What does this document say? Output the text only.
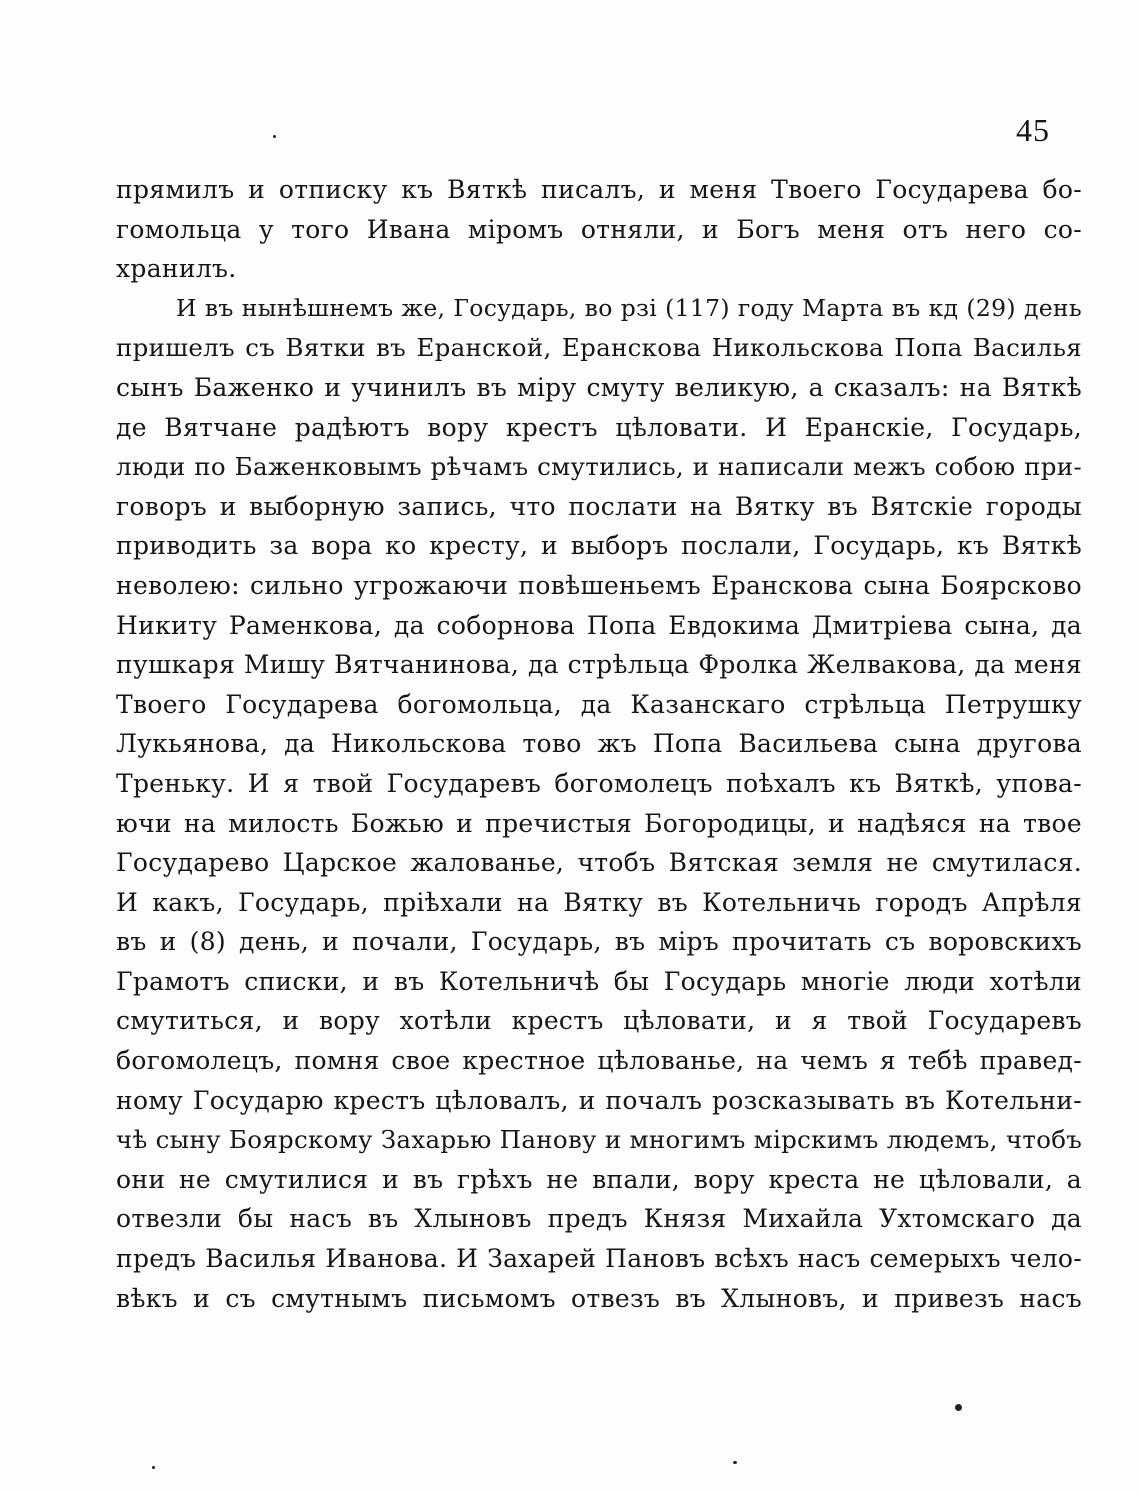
45
прямилъ и отписку къ Вяткѣ писалъ, и меня Твоего Государева бо-
гомольца у того Ивана міромъ отняли, и Богъ меня отъ него со-
хранилъ.
И въ нынѣшнемъ же, Государь, во рзі (117) году Марта въ кд (29) день
пришелъ съ Вятки въ Еранской, Еранскова Никольскова Попа Василья
сынъ Баженко и учинилъ въ міру смуту великую, а сказалъ: на Вяткѣ
де Вятчане радѣютъ вору крестъ цѣловати. И Еранскіе, Государь,
люди по Баженковымъ рѣчамъ смутились, и написали межъ собою при-
говоръ и выборную запись, что послати на Вятку въ Вятскіе городы
приводить за вора ко кресту, и выборъ послали, Государь, къ Вяткѣ
неволею: сильно угрожаючи повѣшеньемъ Еранскова сына Боярсково
Никиту Раменкова, да соборнова Попа Евдокима Дмитріева сына, да
пушкаря Мишу Вятчанинова, да стрѣльца Фролка Желвакова, да меня
Твоего Государева богомольца, да Казанскаго стрѣльца Петрушку
Лукьянова, да Никольскова тово жъ Попа Васильева сына другова
Треньку. И я твой Государевъ богомолецъ поѣхалъ къ Вяткѣ, упова-
ючи на милость Божью и пречистыя Богородицы, и надѣяся на твое
Государево Царское жалованье, чтобъ Вятская земля не смутилася.
И какъ, Государь, пріѣхали на Вятку въ Котельничь городъ Апрѣля
въ и (8) день, и почали, Государь, въ міръ прочитать съ воровскихъ
Грамотъ списки, и въ Котельничѣ бы Государь многіе люди хотѣли
смутиться, и вору хотѣли крестъ цѣловати, и я твой Государевъ
богомолецъ, помня свое крестное цѣлованье, на чемъ я тебѣ правед-
ному Государю крестъ цѣловалъ, и почалъ розсказывать въ Котельни-
чѣ сыну Боярскому Захарью Панову и многимъ мірскимъ людемъ, чтобъ
они не смутилися и въ грѣхъ не впали, вору креста не цѣловали, а
отвезли бы насъ въ Хлыновъ предъ Князя Михайла Ухтомскаго да
предъ Василья Иванова. И Захарей Пановъ всѣхъ насъ семерыхъ чело-
вѣкъ и съ смутнымъ письмомъ отвезъ въ Хлыновъ, и привезъ насъ
